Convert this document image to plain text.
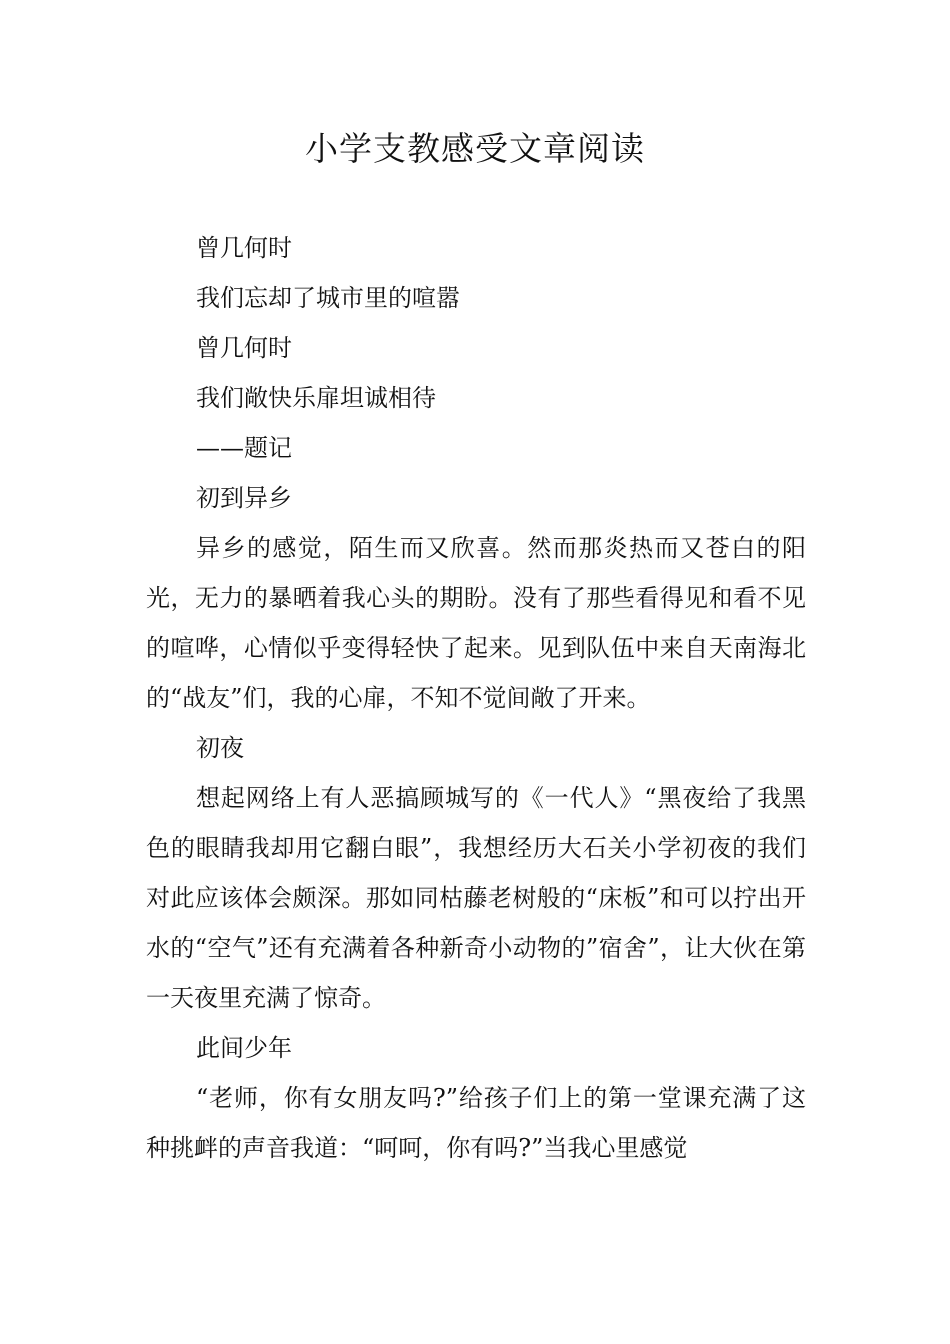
小学支教感受文章阅读

曾几何时

我们忘却了城市里的喧嚣

曾几何时

我们敞快乐扉坦诚相待

——题记

初到异乡

异乡的感觉，陌生而又欣喜。然而那炎热而又苍白的阳光，无力的暴晒着我心头的期盼。没有了那些看得见和看不见的喧哗，心情似乎变得轻快了起来。见到队伍中来自天南海北的“战友”们，我的心扉，不知不觉间敞了开来。

初夜

想起网络上有人恶搞顾城写的《一代人》“黑夜给了我黑色的眼睛我却用它翻白眼”，我想经历大石关小学初夜的我们对此应该体会颇深。那如同枯藤老树般的“床板”和可以拧出开水的“空气”还有充满着各种新奇小动物的”宿舍”，让大伙在第一天夜里充满了惊奇。

此间少年

“老师，你有女朋友吗?”给孩子们上的第一堂课充满了这种挑衅的声音我道：“呵呵，你有吗?”当我心里感觉
